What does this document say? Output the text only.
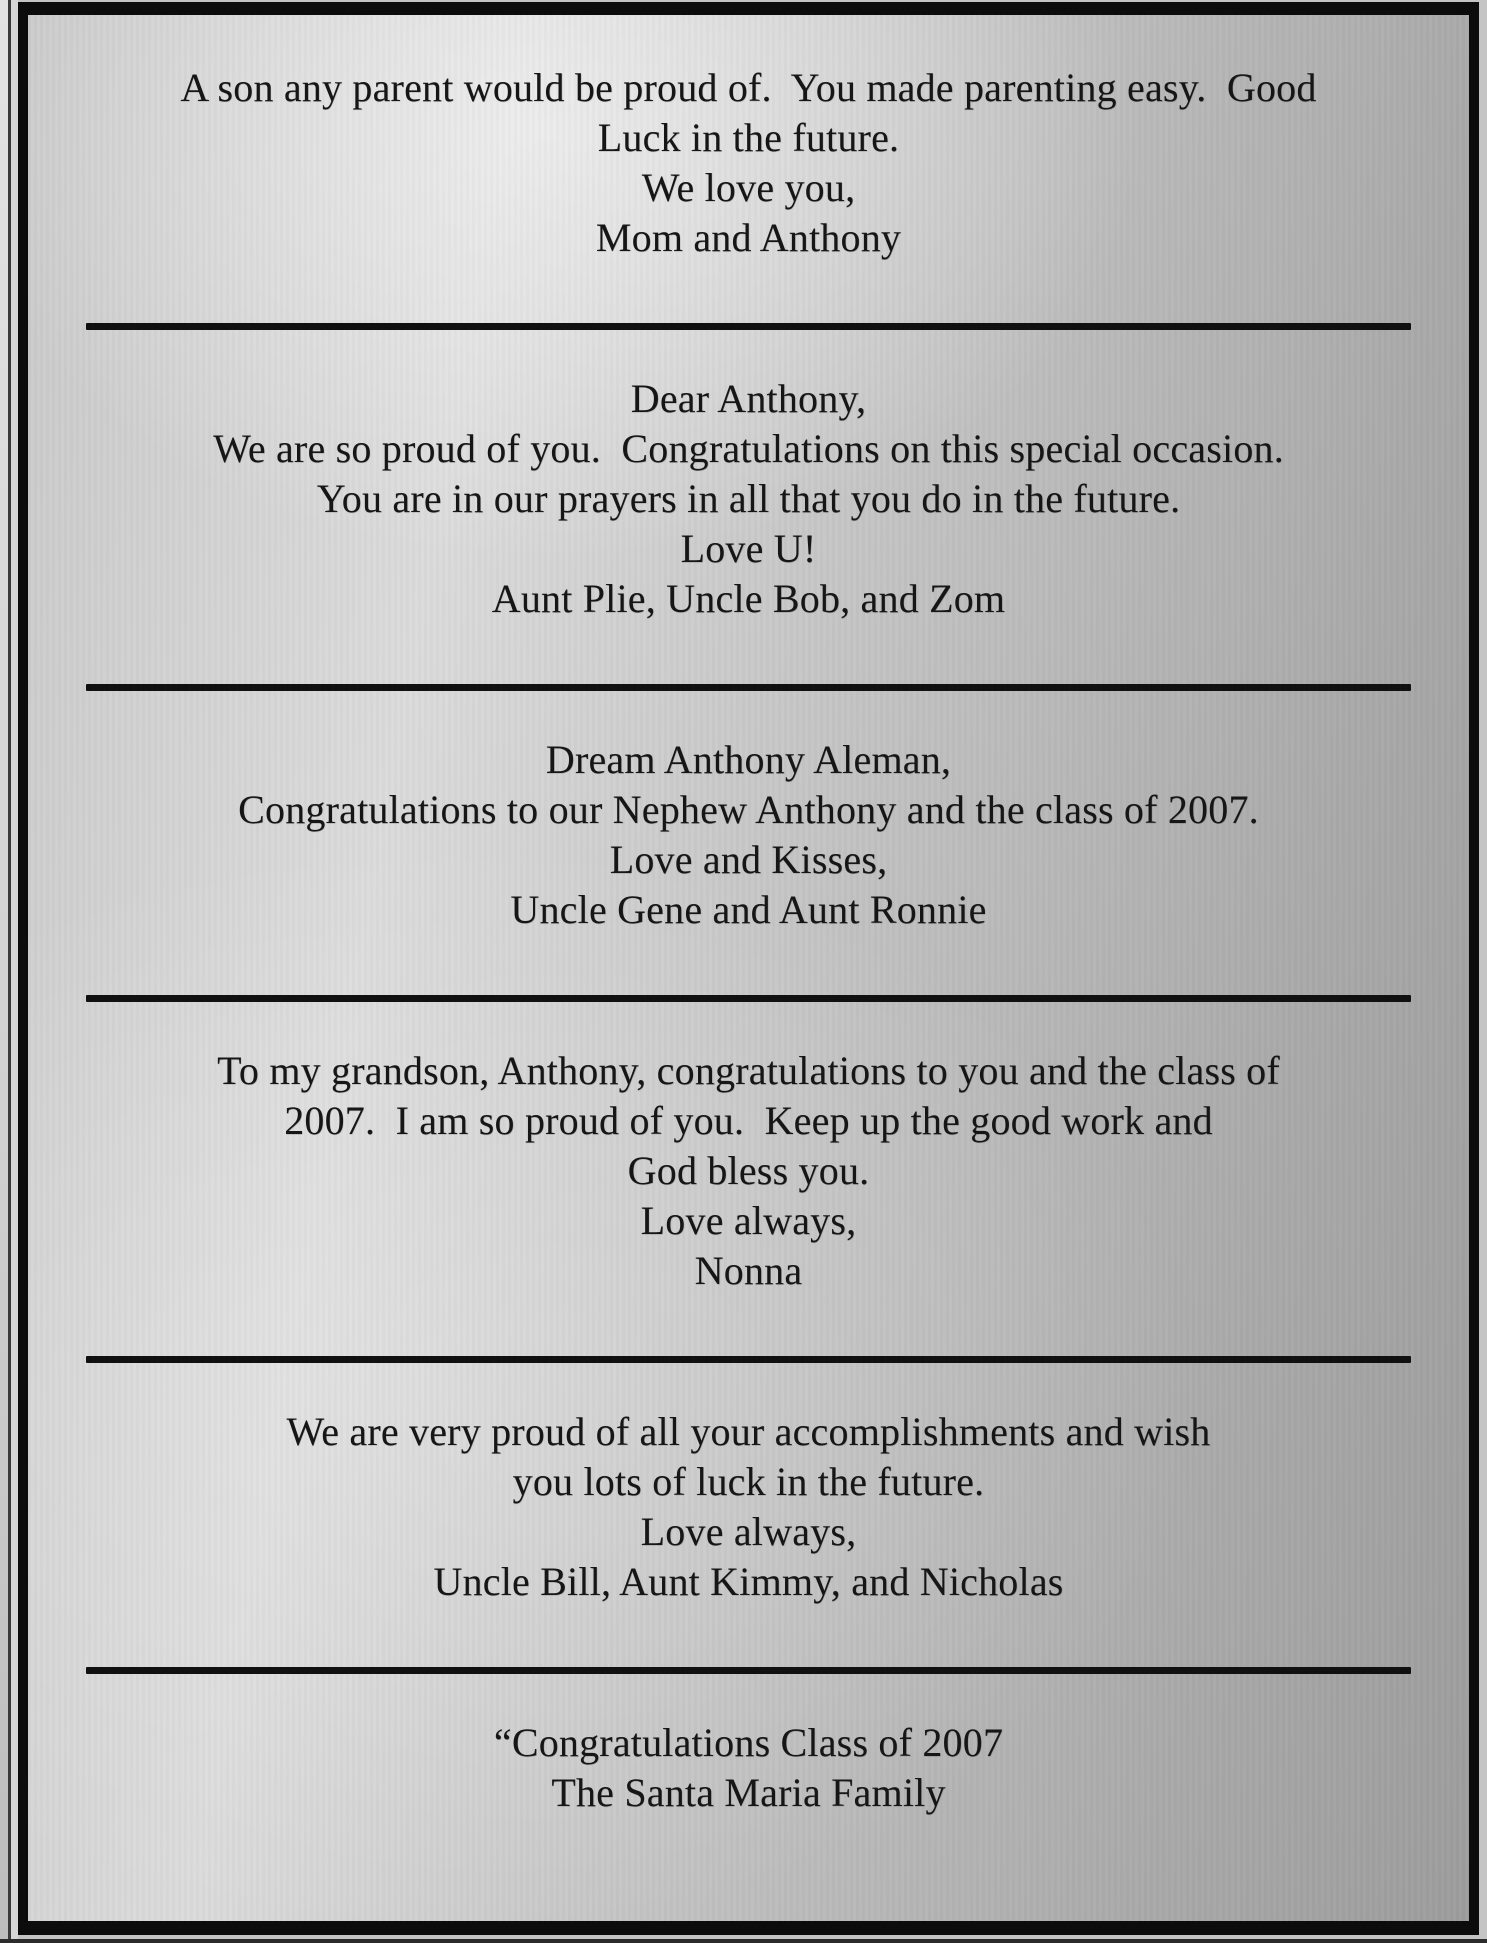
A son any parent would be proud of.  You made parenting easy.  Good

Luck in the future.

We love you,

Mom and Anthony

Dear Anthony,

We are so proud of you.  Congratulations on this special occasion.

You are in our prayers in all that you do in the future.

Love U!

Aunt Plie, Uncle Bob, and Zom

Dream Anthony Aleman,

Congratulations to our Nephew Anthony and the class of 2007.

Love and Kisses,

Uncle Gene and Aunt Ronnie

To my grandson, Anthony, congratulations to you and the class of

2007.  I am so proud of you.  Keep up the good work and

God bless you.

Love always,

Nonna

We are very proud of all your accomplishments and wish

you lots of luck in the future.

Love always,

Uncle Bill, Aunt Kimmy, and Nicholas

“Congratulations Class of 2007

The Santa Maria Family
